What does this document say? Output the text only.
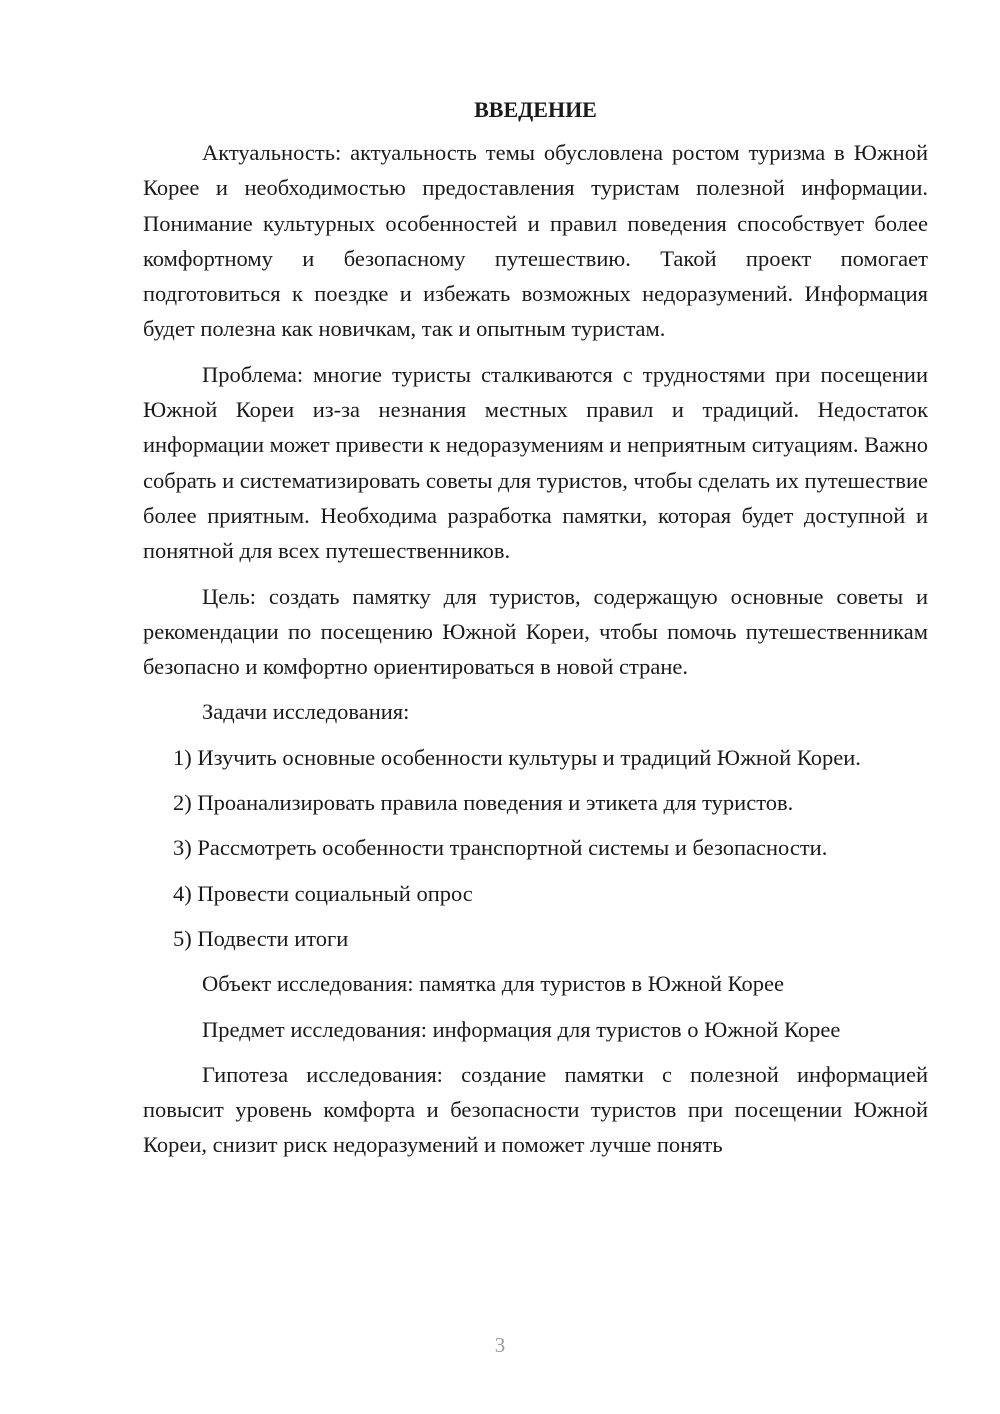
ВВЕДЕНИЕ

Актуальность: актуальность темы обусловлена ростом туризма в Южной Корее и необходимостью предоставления туристам полезной информации. Понимание культурных особенностей и правил поведения способствует более комфортному и безопасному путешествию. Такой проект помогает подготовиться к поездке и избежать возможных недоразумений. Информация будет полезна как новичкам, так и опытным туристам.

Проблема: многие туристы сталкиваются с трудностями при посещении Южной Кореи из-за незнания местных правил и традиций. Недостаток информации может привести к недоразумениям и неприятным ситуациям. Важно собрать и систематизировать советы для туристов, чтобы сделать их путешествие более приятным. Необходима разработка памятки, которая будет доступной и понятной для всех путешественников.

Цель: создать памятку для туристов, содержащую основные советы и рекомендации по посещению Южной Кореи, чтобы помочь путешественникам безопасно и комфортно ориентироваться в новой стране.

Задачи исследования:

1) Изучить основные особенности культуры и традиций Южной Кореи.

2) Проанализировать правила поведения и этикета для туристов.

3) Рассмотреть особенности транспортной системы и безопасности.

4) Провести социальный опрос

5) Подвести итоги

Объект исследования: памятка для туристов в Южной Корее

Предмет исследования: информация для туристов о Южной Корее

Гипотеза исследования: создание памятки с полезной информацией повысит уровень комфорта и безопасности туристов при посещении Южной Кореи, снизит риск недоразумений и поможет лучше понять

3
